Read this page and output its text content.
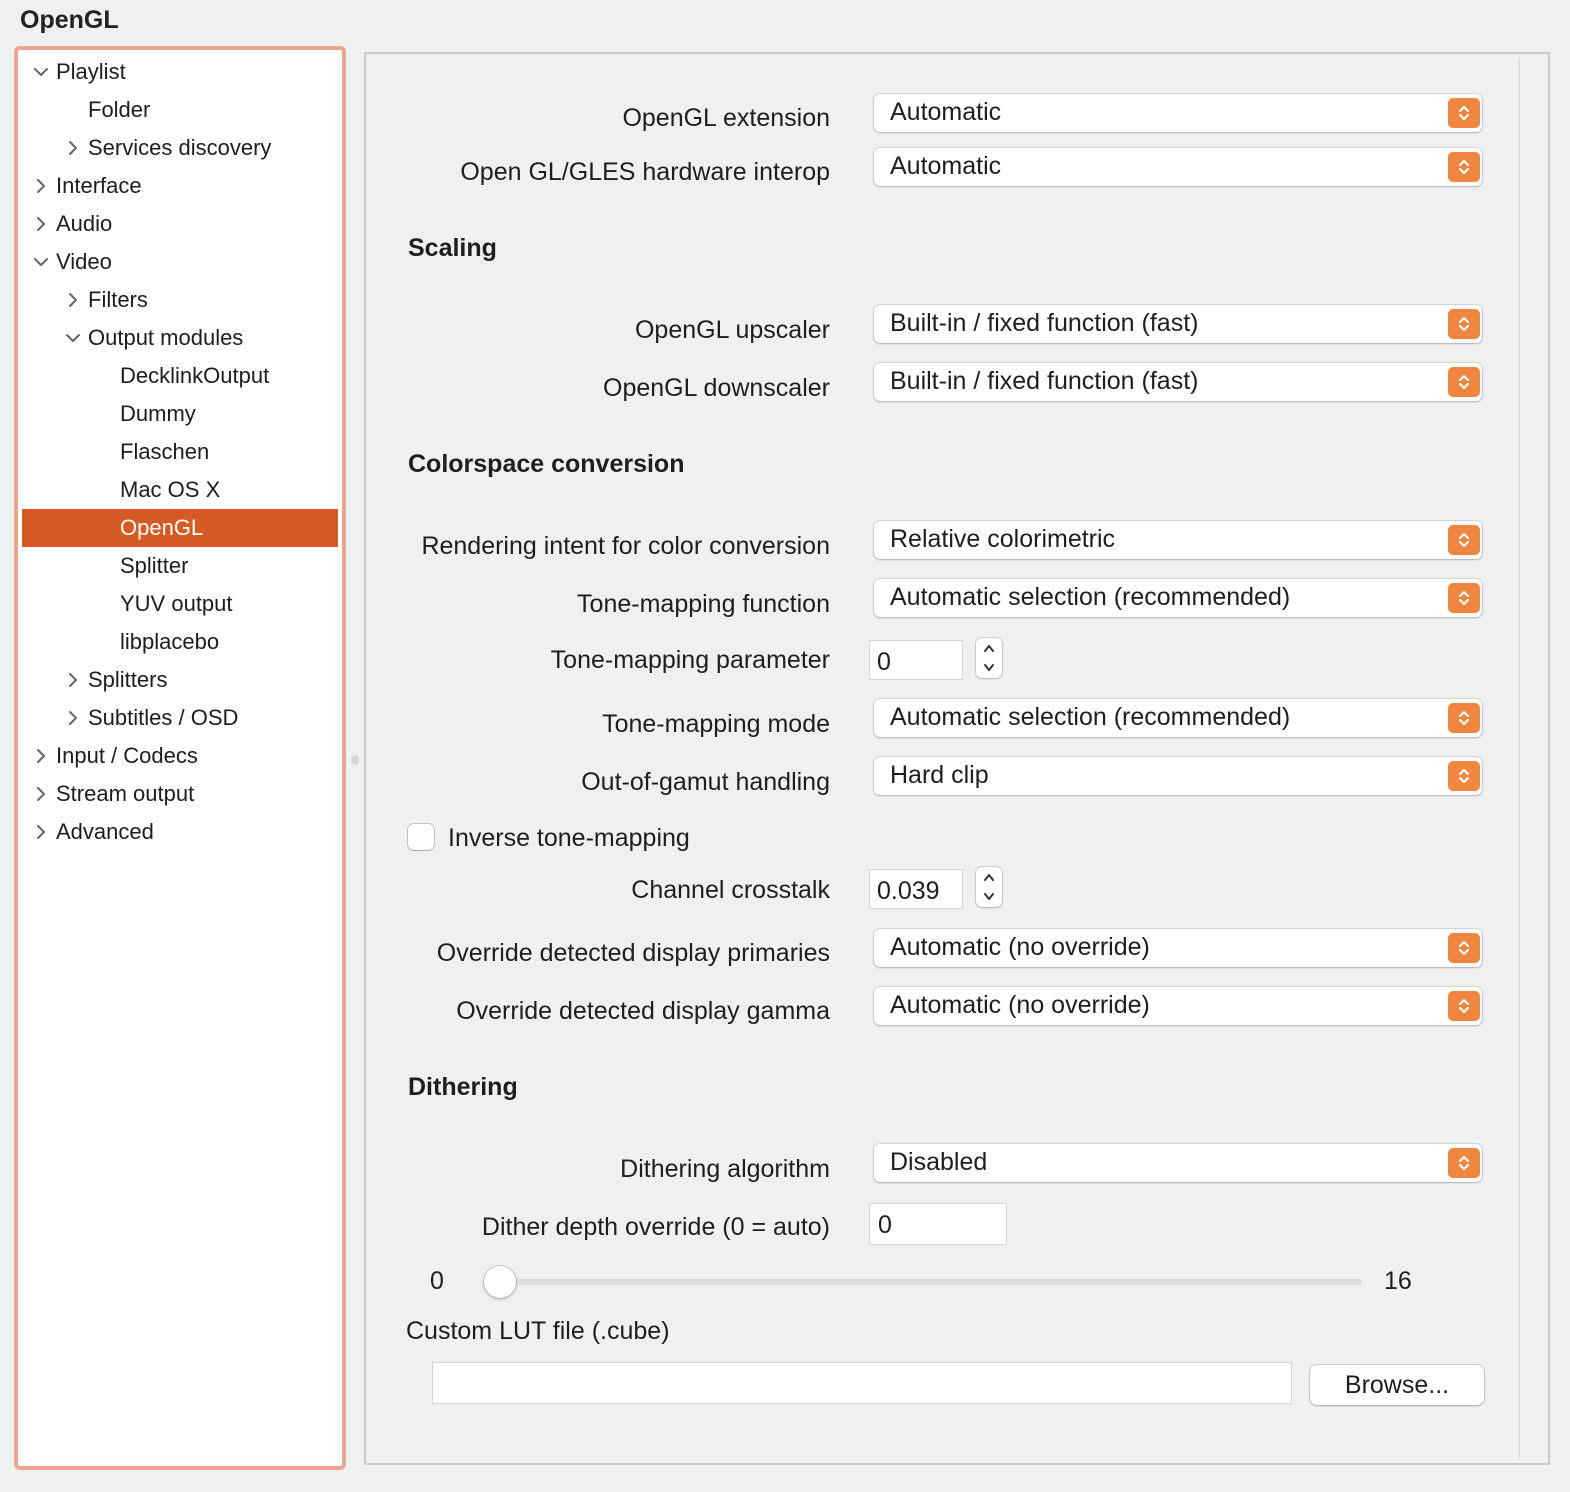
OpenGL
Playlist
Folder
Services discovery
Interface
Audio
Video
Filters
Output modules
DecklinkOutput
Dummy
Flaschen
Mac OS X
OpenGL
Splitter
YUV output
libplacebo
Splitters
Subtitles / OSD
Input / Codecs
Stream output
Advanced
OpenGL extension Automatic
Open GL/GLES hardware interop Automatic
Scaling
OpenGL upscaler Built-in / fixed function (fast)
OpenGL downscaler Built-in / fixed function (fast)
Colorspace conversion
Rendering intent for color conversion Relative colorimetric
Tone-mapping function Automatic selection (recommended)
Tone-mapping parameter 0
Tone-mapping mode Automatic selection (recommended)
Out-of-gamut handling Hard clip
Inverse tone-mapping
Channel crosstalk 0.039
Override detected display primaries Automatic (no override)
Override detected display gamma Automatic (no override)
Dithering
Dithering algorithm Disabled
Dither depth override (0 = auto) 0
0	16
Custom LUT file (.cube)
Browse...
